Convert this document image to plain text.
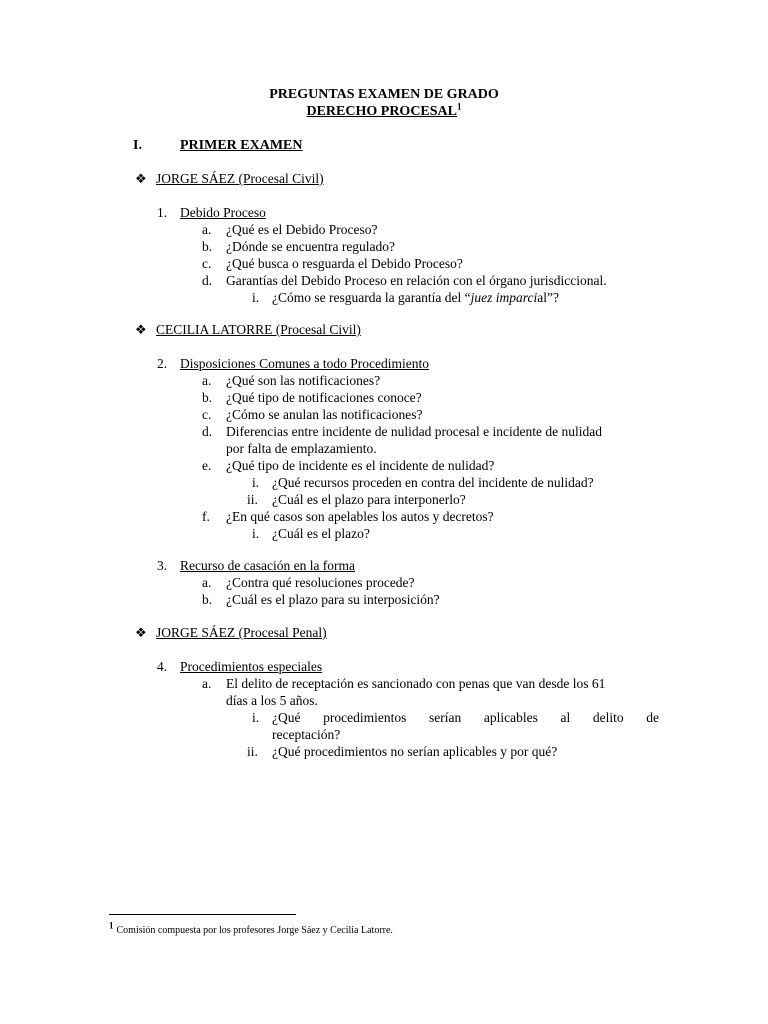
PREGUNTAS EXAMEN DE GRADO
DERECHO PROCESAL$^1$
I.	PRIMER EXAMEN
❖ JORGE SÁEZ (Procesal Civil)
1. Debido Proceso
a. ¿Qué es el Debido Proceso?
b. ¿Dónde se encuentra regulado?
c. ¿Qué busca o resguarda el Debido Proceso?
d. Garantías del Debido Proceso en relación con el órgano jurisdiccional.
i. ¿Cómo se resguarda la garantía del “juez imparcial”?
❖ CECILIA LATORRE (Procesal Civil)
2. Disposiciones Comunes a todo Procedimiento
a. ¿Qué son las notificaciones?
b. ¿Qué tipo de notificaciones conoce?
c. ¿Cómo se anulan las notificaciones?
d. Diferencias entre incidente de nulidad procesal e incidente de nulidad
por falta de emplazamiento.
e. ¿Qué tipo de incidente es el incidente de nulidad?
i. ¿Qué recursos proceden en contra del incidente de nulidad?
ii. ¿Cuál es el plazo para interponerlo?
f. ¿En qué casos son apelables los autos y decretos?
i. ¿Cuál es el plazo?
3. Recurso de casación en la forma
a. ¿Contra qué resoluciones procede?
b. ¿Cuál es el plazo para su interposición?
❖ JORGE SÁEZ (Procesal Penal)
4. Procedimientos especiales
a. El delito de receptación es sancionado con penas que van desde los 61
días a los 5 años.
i. ¿Qué procedimientos serían aplicables al delito de
receptación?
ii. ¿Qué procedimientos no serían aplicables y por qué?
1 Comisión compuesta por los profesores Jorge Sáez y Cecilia Latorre.
